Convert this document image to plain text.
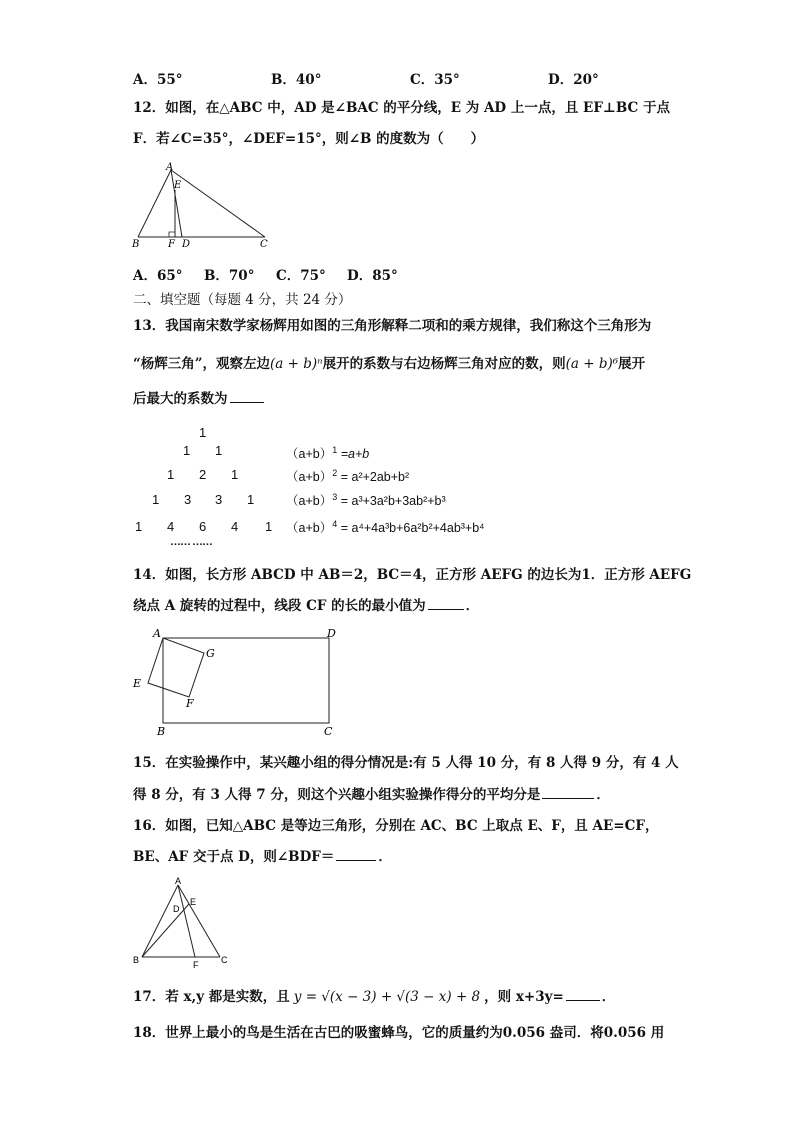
A．55°	B．40°	C．35°	D．20°
12．如图，在△ABC 中，AD 是∠BAC 的平分线，E 为 AD 上一点，且 EF⊥BC 于点
F．若∠C=35°，∠DEF=15°，则∠B 的度数为（　　）
A
E
B	F D	C
A．65° B．70° C．75° D．85°
二、填空题（每题 4 分，共 24 分）
13．我国南宋数学家杨辉用如图的三角形解释二项和的乘方规律，我们称这个三角形为
“杨辉三角”，观察左边(a + b)ⁿ展开的系数与右边杨辉三角对应的数，则(a + b)⁶展开
后最大的系数为
1
1 1
1 2 1
1 3 3 1
1 4 6 4 1
…… ……
$(a+b)^1 =a+b$
$(a+b)^2 = a^2+2ab+b^2$
$(a+b)^3 = a^3+3a^2b+3ab^2+b^3$
$(a+b)^4 = a^4+4a^3b+6a^2b^2+4ab^3+b^4$
14．如图，长方形 ABCD 中 AB＝2，BC＝4，正方形 AEFG 的边长为1．正方形 AEFG
绕点 A 旋转的过程中，线段 CF 的长的最小值为	．
A	D
G
E
F
B	C
15．在实验操作中，某兴趣小组的得分情况是:有 5 人得 10 分，有 8 人得 9 分，有 4 人
得 8 分，有 3 人得 7 分，则这个兴趣小组实验操作得分的平均分是	．
16．如图，已知△ABC 是等边三角形，分别在 AC、BC 上取点 E、F，且 AE=CF，
BE、AF 交于点 D，则∠BDF＝	．
A
D
E
B	F	C
17．若 x,y 都是实数，且 y = √(x − 3) + √(3 − x) + 8 ，则 x+3y=	．
18．世界上最小的鸟是生活在古巴的吸蜜蜂鸟，它的质量约为0.056 盎司．将0.056 用
